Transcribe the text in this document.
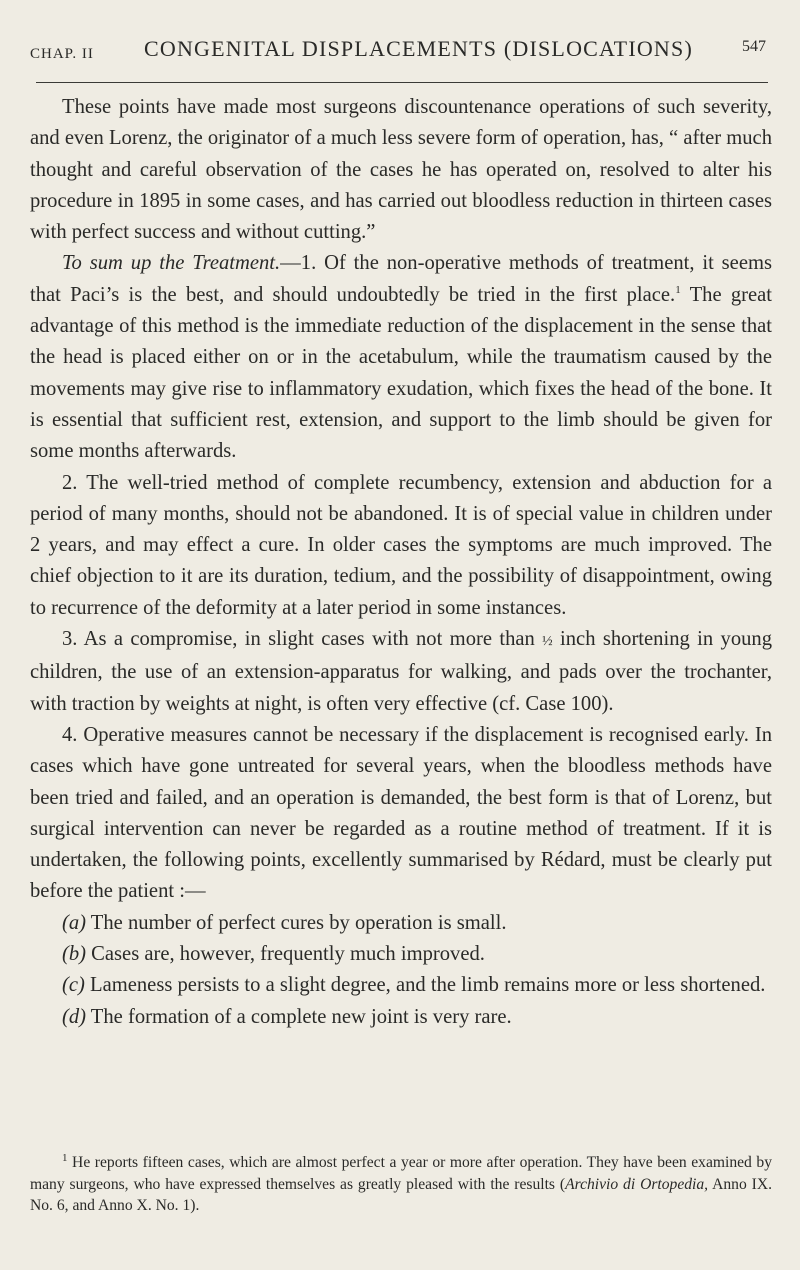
CHAP. II CONGENITAL DISPLACEMENTS (DISLOCATIONS)	547

These points have made most surgeons discountenance operations of such severity, and even Lorenz, the originator of a much less severe form of operation, has, “ after much thought and careful observation of the cases he has operated on, resolved to alter his procedure in 1895 in some cases, and has carried out bloodless reduction in thirteen cases with perfect success and without cutting.”

To sum up the Treatment.—1. Of the non-operative methods of treatment, it seems that Paci’s is the best, and should undoubtedly be tried in the first place.$^1$ The great advantage of this method is the immediate reduction of the displacement in the sense that the head is placed either on or in the acetabulum, while the traumatism caused by the movements may give rise to inflammatory exudation, which fixes the head of the bone. It is essential that sufficient rest, extension, and support to the limb should be given for some months afterwards.

2. The well-tried method of complete recumbency, extension and abduction for a period of many months, should not be abandoned. It is of special value in children under 2 years, and may effect a cure. In older cases the symptoms are much improved. The chief objection to it are its duration, tedium, and the possibility of disappointment, owing to recurrence of the deformity at a later period in some instances.

3. As a compromise, in slight cases with not more than ½ inch shortening in young children, the use of an extension-apparatus for walking, and pads over the trochanter, with traction by weights at night, is often very effective (cf. Case 100).

4. Operative measures cannot be necessary if the displacement is recognised early. In cases which have gone untreated for several years, when the bloodless methods have been tried and failed, and an operation is demanded, the best form is that of Lorenz, but surgical intervention can never be regarded as a routine method of treatment. If it is undertaken, the following points, excellently summarised by Rédard, must be clearly put before the patient :—

(a) The number of perfect cures by operation is small.

(b) Cases are, however, frequently much improved.

(c) Lameness persists to a slight degree, and the limb remains more or less shortened.

(d) The formation of a complete new joint is very rare.

$^1$ He reports fifteen cases, which are almost perfect a year or more after operation. They have been examined by many surgeons, who have expressed themselves as greatly pleased with the results (Archivio di Ortopedia, Anno IX. No. 6, and Anno X. No. 1).
